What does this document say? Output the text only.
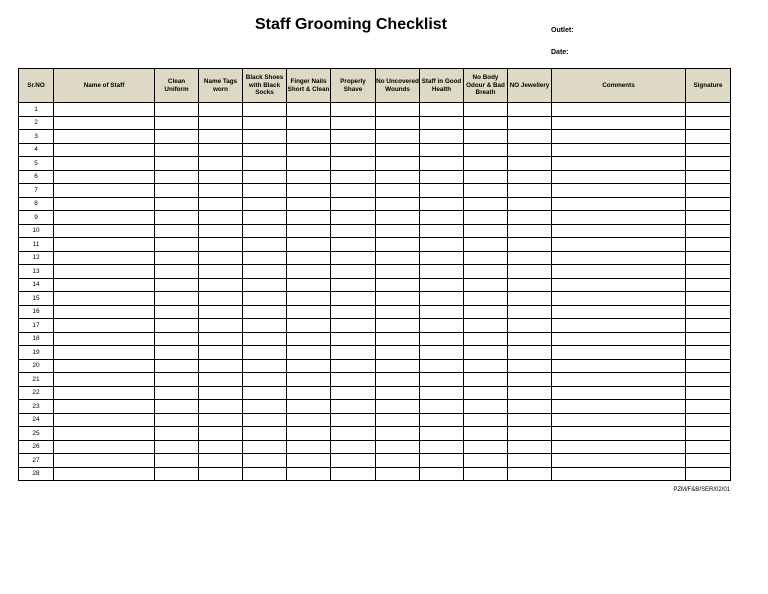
Staff Grooming Checklist	Outlet:
Date:
Sr.NO	Name of Staff	Clean Uniform	Name Tags worn	Black Shoes with Black Socks	Finger Nails Short & Clean	Properly Shave	No Uncovered Wounds	Staff in Good Health	No Body Odour & Bad Breath	NO Jewellery	Comments	Signature
1												
2												
3												
4												
5												
6												
7												
8												
9												
10												
11												
12												
13												
14												
15												
16												
17												
18												
19												
20												
21												
22												
23												
24												
25												
26												
27												
28												
PZM/F&B/SER/02/01
